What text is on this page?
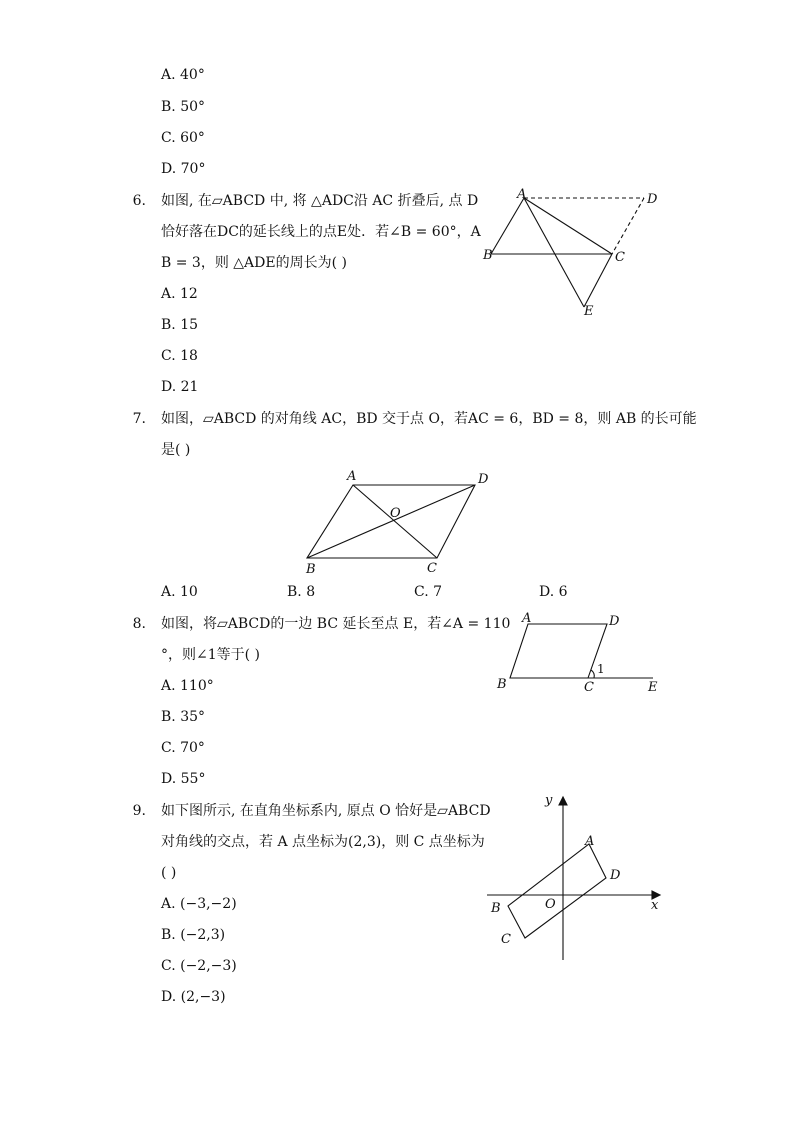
A. 40°
B. 50°
C. 60°
D. 70°
6. 如图, 在▱ABCD 中, 将 △ADC沿 AC 折叠后, 点 D
恰好落在DC的延长线上的点E处．若∠B = 60°，A
B = 3，则 △ADE的周长为( )
A. 12
B. 15
C. 18
D. 21
A
B	C
D
E
7. 如图，▱ABCD 的对角线 AC，BD 交于点 O，若AC = 6，BD = 8，则 AB 的长可能
是( )
A
B	C
D
O
A. 10	B. 8	C. 7	D. 6
8. 如图，将▱ABCD的一边 BC 延长至点 E，若∠A = 110
°，则∠1等于( )
A. 110°
B. 35°
C. 70°
D. 55°
A
B	C
D
E
1
9. 如下图所示, 在直角坐标系内, 原点 O 恰好是▱ABCD
对角线的交点，若 A 点坐标为(2,3)，则 C 点坐标为
( )
A. (−3,−2)
B. (−2,3)
C. (−2,−3)
D. (2,−3)
A
B
C
D
O	x
y
